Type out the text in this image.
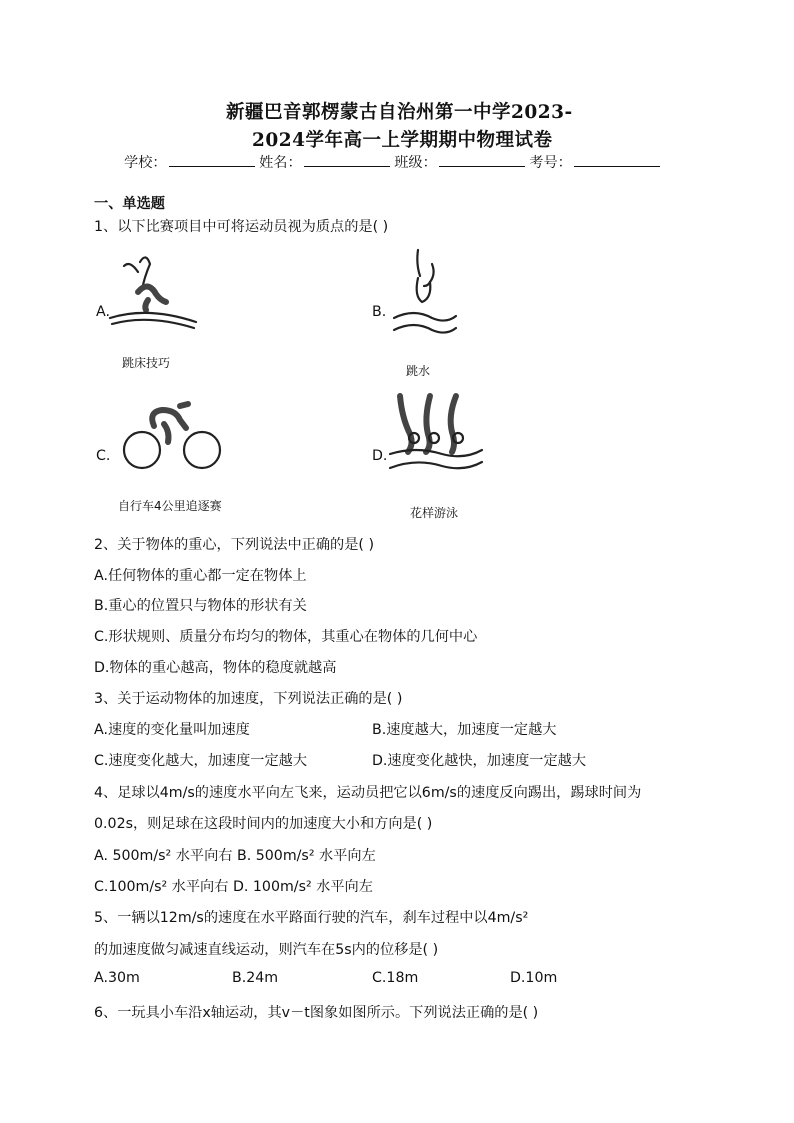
新疆巴音郭楞蒙古自治州第一中学2023-
2024学年高一上学期期中物理试卷
学校：	姓名：	班级：	考号：
一、单选题
1、以下比赛项目中可将运动员视为质点的是( )
A.
跳床技巧
B.
跳水
C.
自行车4公里追逐赛
D.
花样游泳
2、关于物体的重心，下列说法中正确的是( )
A.任何物体的重心都一定在物体上
B.重心的位置只与物体的形状有关
C.形状规则、质量分布均匀的物体，其重心在物体的几何中心
D.物体的重心越高，物体的稳度就越高
3、关于运动物体的加速度，下列说法正确的是( )
A.速度的变化量叫加速度	B.速度越大，加速度一定越大
C.速度变化越大，加速度一定越大	D.速度变化越快，加速度一定越大
4、足球以4m/s的速度水平向左飞来，运动员把它以6m/s的速度反向踢出，踢球时间为
0.02s，则足球在这段时间内的加速度大小和方向是( )
A. 500m/s² 水平向右 B. 500m/s² 水平向左
C.100m/s² 水平向右 D. 100m/s² 水平向左
5、一辆以12m/s的速度在水平路面行驶的汽车，刹车过程中以4m/s²
的加速度做匀减速直线运动，则汽车在5s内的位移是( )
A.30m	B.24m	C.18m	D.10m
6、一玩具小车沿x轴运动，其v－t图象如图所示。下列说法正确的是( )
